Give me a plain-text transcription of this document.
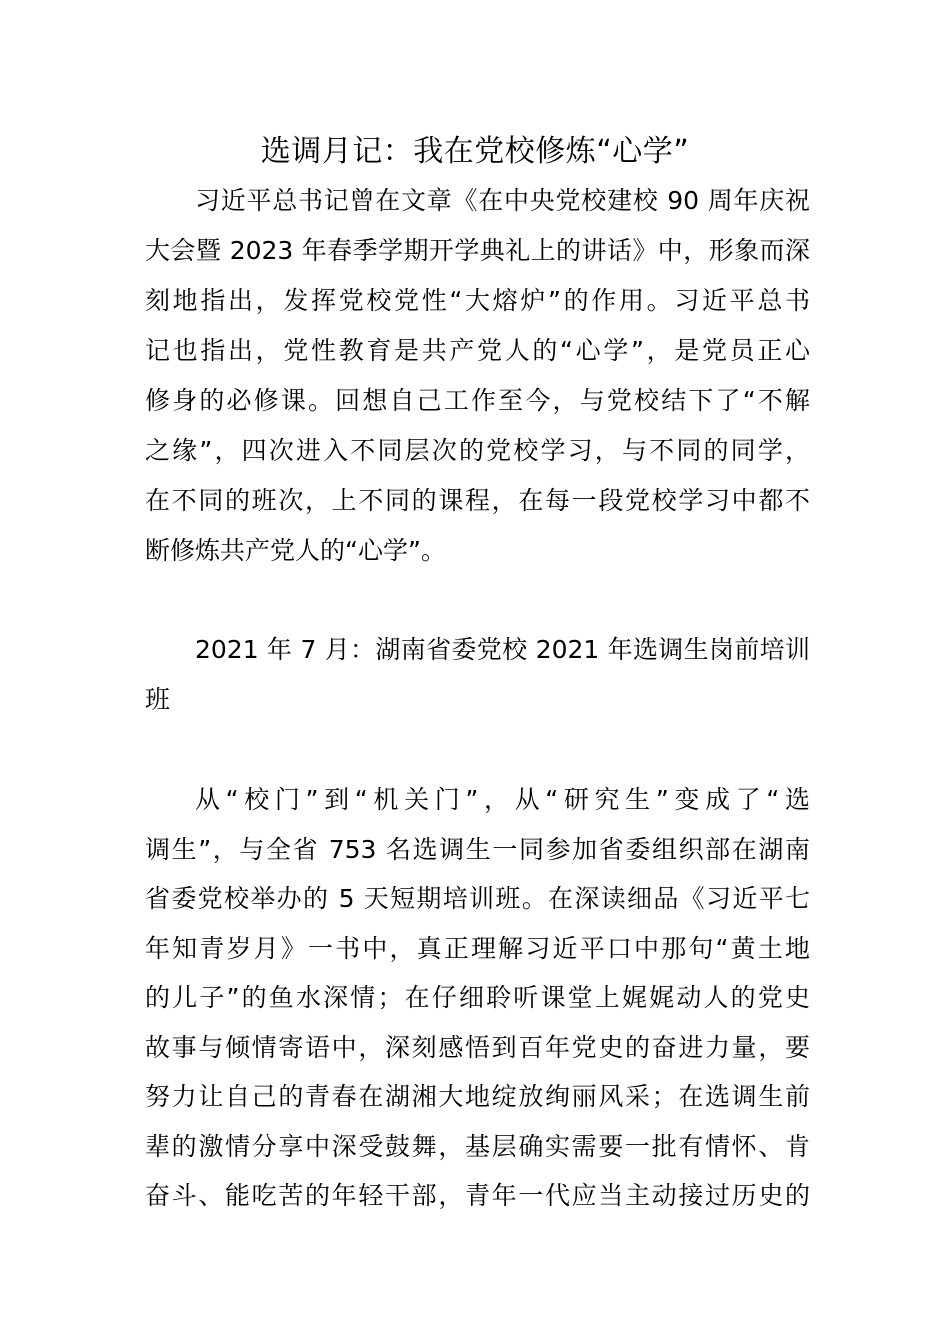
选调月记：我在党校修炼“心学”

习近平总书记曾在文章《在中央党校建校 90 周年庆祝

大会暨 2023 年春季学期开学典礼上的讲话》中，形象而深

刻地指出，发挥党校党性“大熔炉”的作用。习近平总书

记也指出，党性教育是共产党人的“心学”，是党员正心

修身的必修课。回想自己工作至今，与党校结下了“不解

之缘”，四次进入不同层次的党校学习，与不同的同学，

在不同的班次，上不同的课程，在每一段党校学习中都不

断修炼共产党人的“心学”。

2021 年 7 月：湖南省委党校 2021 年选调生岗前培训

班

从“校门”到“机关门”，从“研究生”变成了“选

调生”，与全省 753 名选调生一同参加省委组织部在湖南

省委党校举办的 5 天短期培训班。在深读细品《习近平七

年知青岁月》一书中，真正理解习近平口中那句“黄土地

的儿子”的鱼水深情；在仔细聆听课堂上娓娓动人的党史

故事与倾情寄语中，深刻感悟到百年党史的奋进力量，要

努力让自己的青春在湖湘大地绽放绚丽风采；在选调生前

辈的激情分享中深受鼓舞，基层确实需要一批有情怀、肯

奋斗、能吃苦的年轻干部，青年一代应当主动接过历史的
